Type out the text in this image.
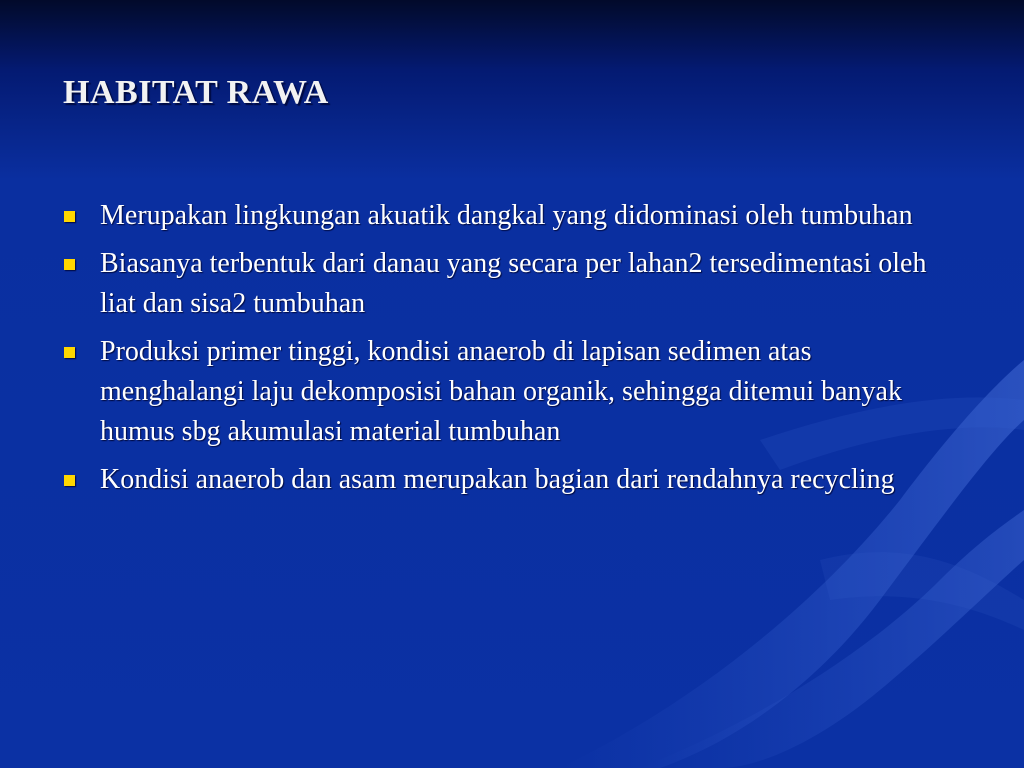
HABITAT RAWA
Merupakan lingkungan akuatik dangkal yang didominasi oleh tumbuhan
Biasanya terbentuk dari danau yang secara per lahan2 tersedimentasi oleh liat dan sisa2 tumbuhan
Produksi primer tinggi, kondisi anaerob di lapisan sedimen atas menghalangi laju dekomposisi bahan organik, sehingga ditemui banyak humus sbg akumulasi material tumbuhan
Kondisi anaerob dan asam merupakan bagian dari rendahnya recycling
